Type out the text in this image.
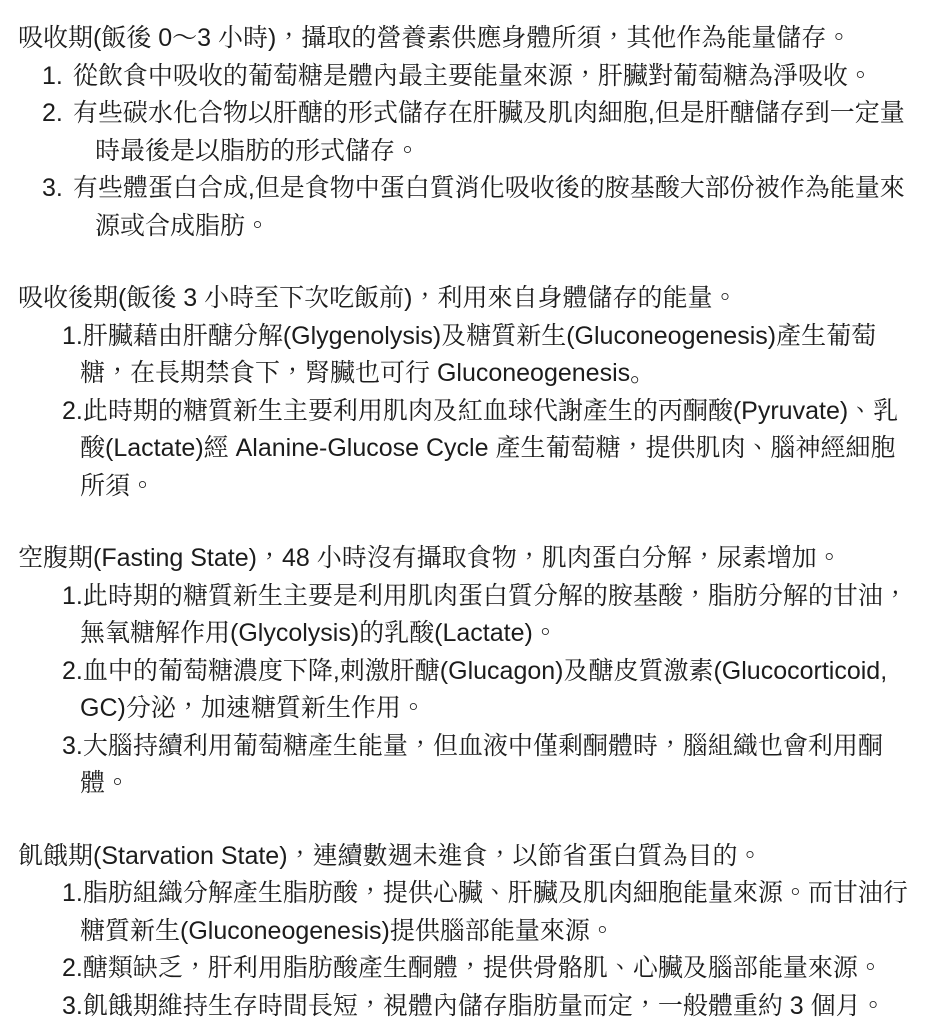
吸收期(飯後 0〜3 小時)，攝取的營養素供應身體所須，其他作為能量儲存。

1. 從飲食中吸收的葡萄糖是體內最主要能量來源，肝臟對葡萄糖為淨吸收。
2. 有些碳水化合物以肝醣的形式儲存在肝臟及肌肉細胞,但是肝醣儲存到一定量時最後是以脂肪的形式儲存。
3. 有些體蛋白合成,但是食物中蛋白質消化吸收後的胺基酸大部份被作為能量來源或合成脂肪。

吸收後期(飯後 3 小時至下次吃飯前)，利用來自身體儲存的能量。

1.肝臟藉由肝醣分解(Glygenolysis)及糖質新生(Gluconeogenesis)產生葡萄糖，在長期禁食下，腎臟也可行 Gluconeogenesis。
2.此時期的糖質新生主要利用肌肉及紅血球代謝產生的丙酮酸(Pyruvate)、乳酸(Lactate)經 Alanine-Glucose Cycle 產生葡萄糖，提供肌肉、腦神經細胞所須。

空腹期(Fasting State)，48 小時沒有攝取食物，肌肉蛋白分解，尿素增加。

1.此時期的糖質新生主要是利用肌肉蛋白質分解的胺基酸，脂肪分解的甘油，無氧糖解作用(Glycolysis)的乳酸(Lactate)。
2.血中的葡萄糖濃度下降,刺激肝醣(Glucagon)及醣皮質激素(Glucocorticoid, GC)分泌，加速糖質新生作用。
3.大腦持續利用葡萄糖產生能量，但血液中僅剩酮體時，腦組織也會利用酮體。

飢餓期(Starvation State)，連續數週未進食，以節省蛋白質為目的。

1.脂肪組織分解產生脂肪酸，提供心臟、肝臟及肌肉細胞能量來源。而甘油行糖質新生(Gluconeogenesis)提供腦部能量來源。
2.醣類缺乏，肝利用脂肪酸產生酮體，提供骨骼肌、心臟及腦部能量來源。
3.飢餓期維持生存時間長短，視體內儲存脂肪量而定，一般體重約 3 個月。
